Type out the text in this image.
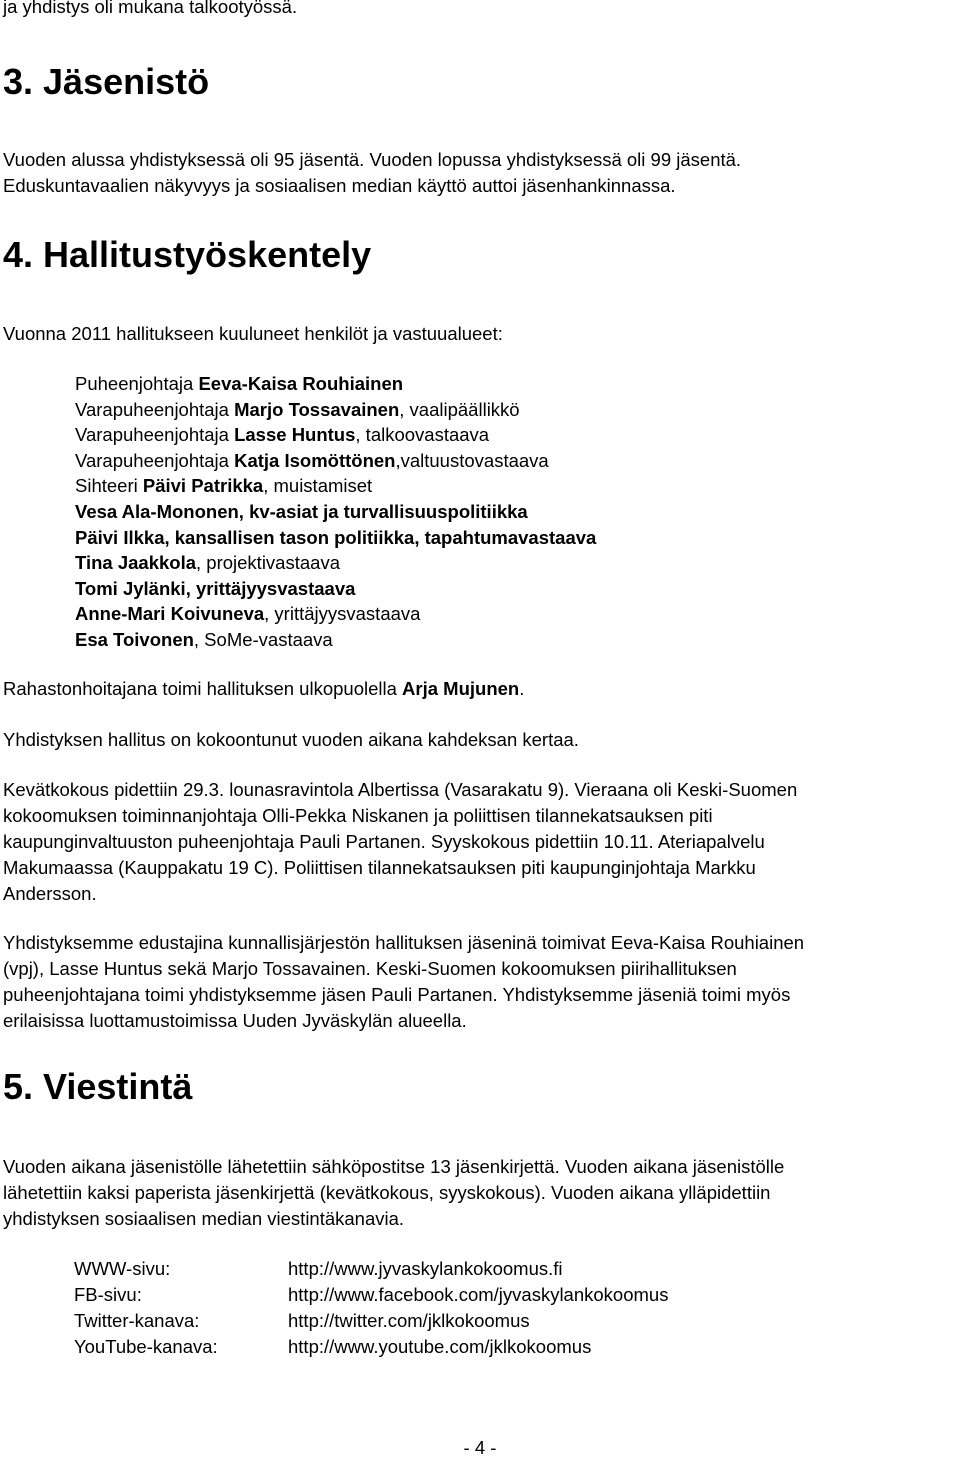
ja yhdistys oli mukana talkootyössä.
3. Jäsenistö
Vuoden alussa yhdistyksessä oli 95 jäsentä. Vuoden lopussa yhdistyksessä oli 99 jäsentä.
Eduskuntavaalien näkyvyys ja sosiaalisen median käyttö auttoi jäsenhankinnassa.
4. Hallitustyöskentely
Vuonna 2011 hallitukseen kuuluneet henkilöt ja vastuualueet:
Puheenjohtaja Eeva-Kaisa Rouhiainen
Varapuheenjohtaja Marjo Tossavainen, vaalipäällikkö
Varapuheenjohtaja Lasse Huntus, talkoovastaava
Varapuheenjohtaja Katja Isomöttönen,valtuustovastaava
Sihteeri Päivi Patrikka, muistamiset
Vesa Ala-Mononen, kv-asiat ja turvallisuuspolitiikka
Päivi Ilkka, kansallisen tason politiikka, tapahtumavastaava
Tina Jaakkola, projektivastaava
Tomi Jylänki, yrittäjyysvastaava
Anne-Mari Koivuneva, yrittäjyysvastaava
Esa Toivonen, SoMe-vastaava
Rahastonhoitajana toimi hallituksen ulkopuolella Arja Mujunen.
Yhdistyksen hallitus on kokoontunut vuoden aikana kahdeksan kertaa.
Kevätkokous pidettiin 29.3. lounasravintola Albertissa (Vasarakatu 9). Vieraana oli Keski-Suomen
kokoomuksen toiminnanjohtaja Olli-Pekka Niskanen ja poliittisen tilannekatsauksen piti
kaupunginvaltuuston puheenjohtaja Pauli Partanen. Syyskokous pidettiin 10.11. Ateriapalvelu
Makumaassa (Kauppakatu 19 C). Poliittisen tilannekatsauksen piti kaupunginjohtaja Markku
Andersson.
Yhdistyksemme edustajina kunnallisjärjestön hallituksen jäseninä toimivat Eeva-Kaisa Rouhiainen
(vpj), Lasse Huntus sekä Marjo Tossavainen. Keski-Suomen kokoomuksen piirihallituksen
puheenjohtajana toimi yhdistyksemme jäsen Pauli Partanen. Yhdistyksemme jäseniä toimi myös
erilaisissa luottamustoimissa Uuden Jyväskylän alueella.
5. Viestintä
Vuoden aikana jäsenistölle lähetettiin sähköpostitse 13 jäsenkirjettä. Vuoden aikana jäsenistölle
lähetettiin kaksi paperista jäsenkirjettä (kevätkokous, syyskokous). Vuoden aikana ylläpidettiin
yhdistyksen sosiaalisen median viestintäkanavia.
WWW-sivu:
FB-sivu:
Twitter-kanava:
YouTube-kanava:
http://www.jyvaskylankokoomus.fi
http://www.facebook.com/jyvaskylankokoomus
http://twitter.com/jklkokoomus
http://www.youtube.com/jklkokoomus
- 4 -
